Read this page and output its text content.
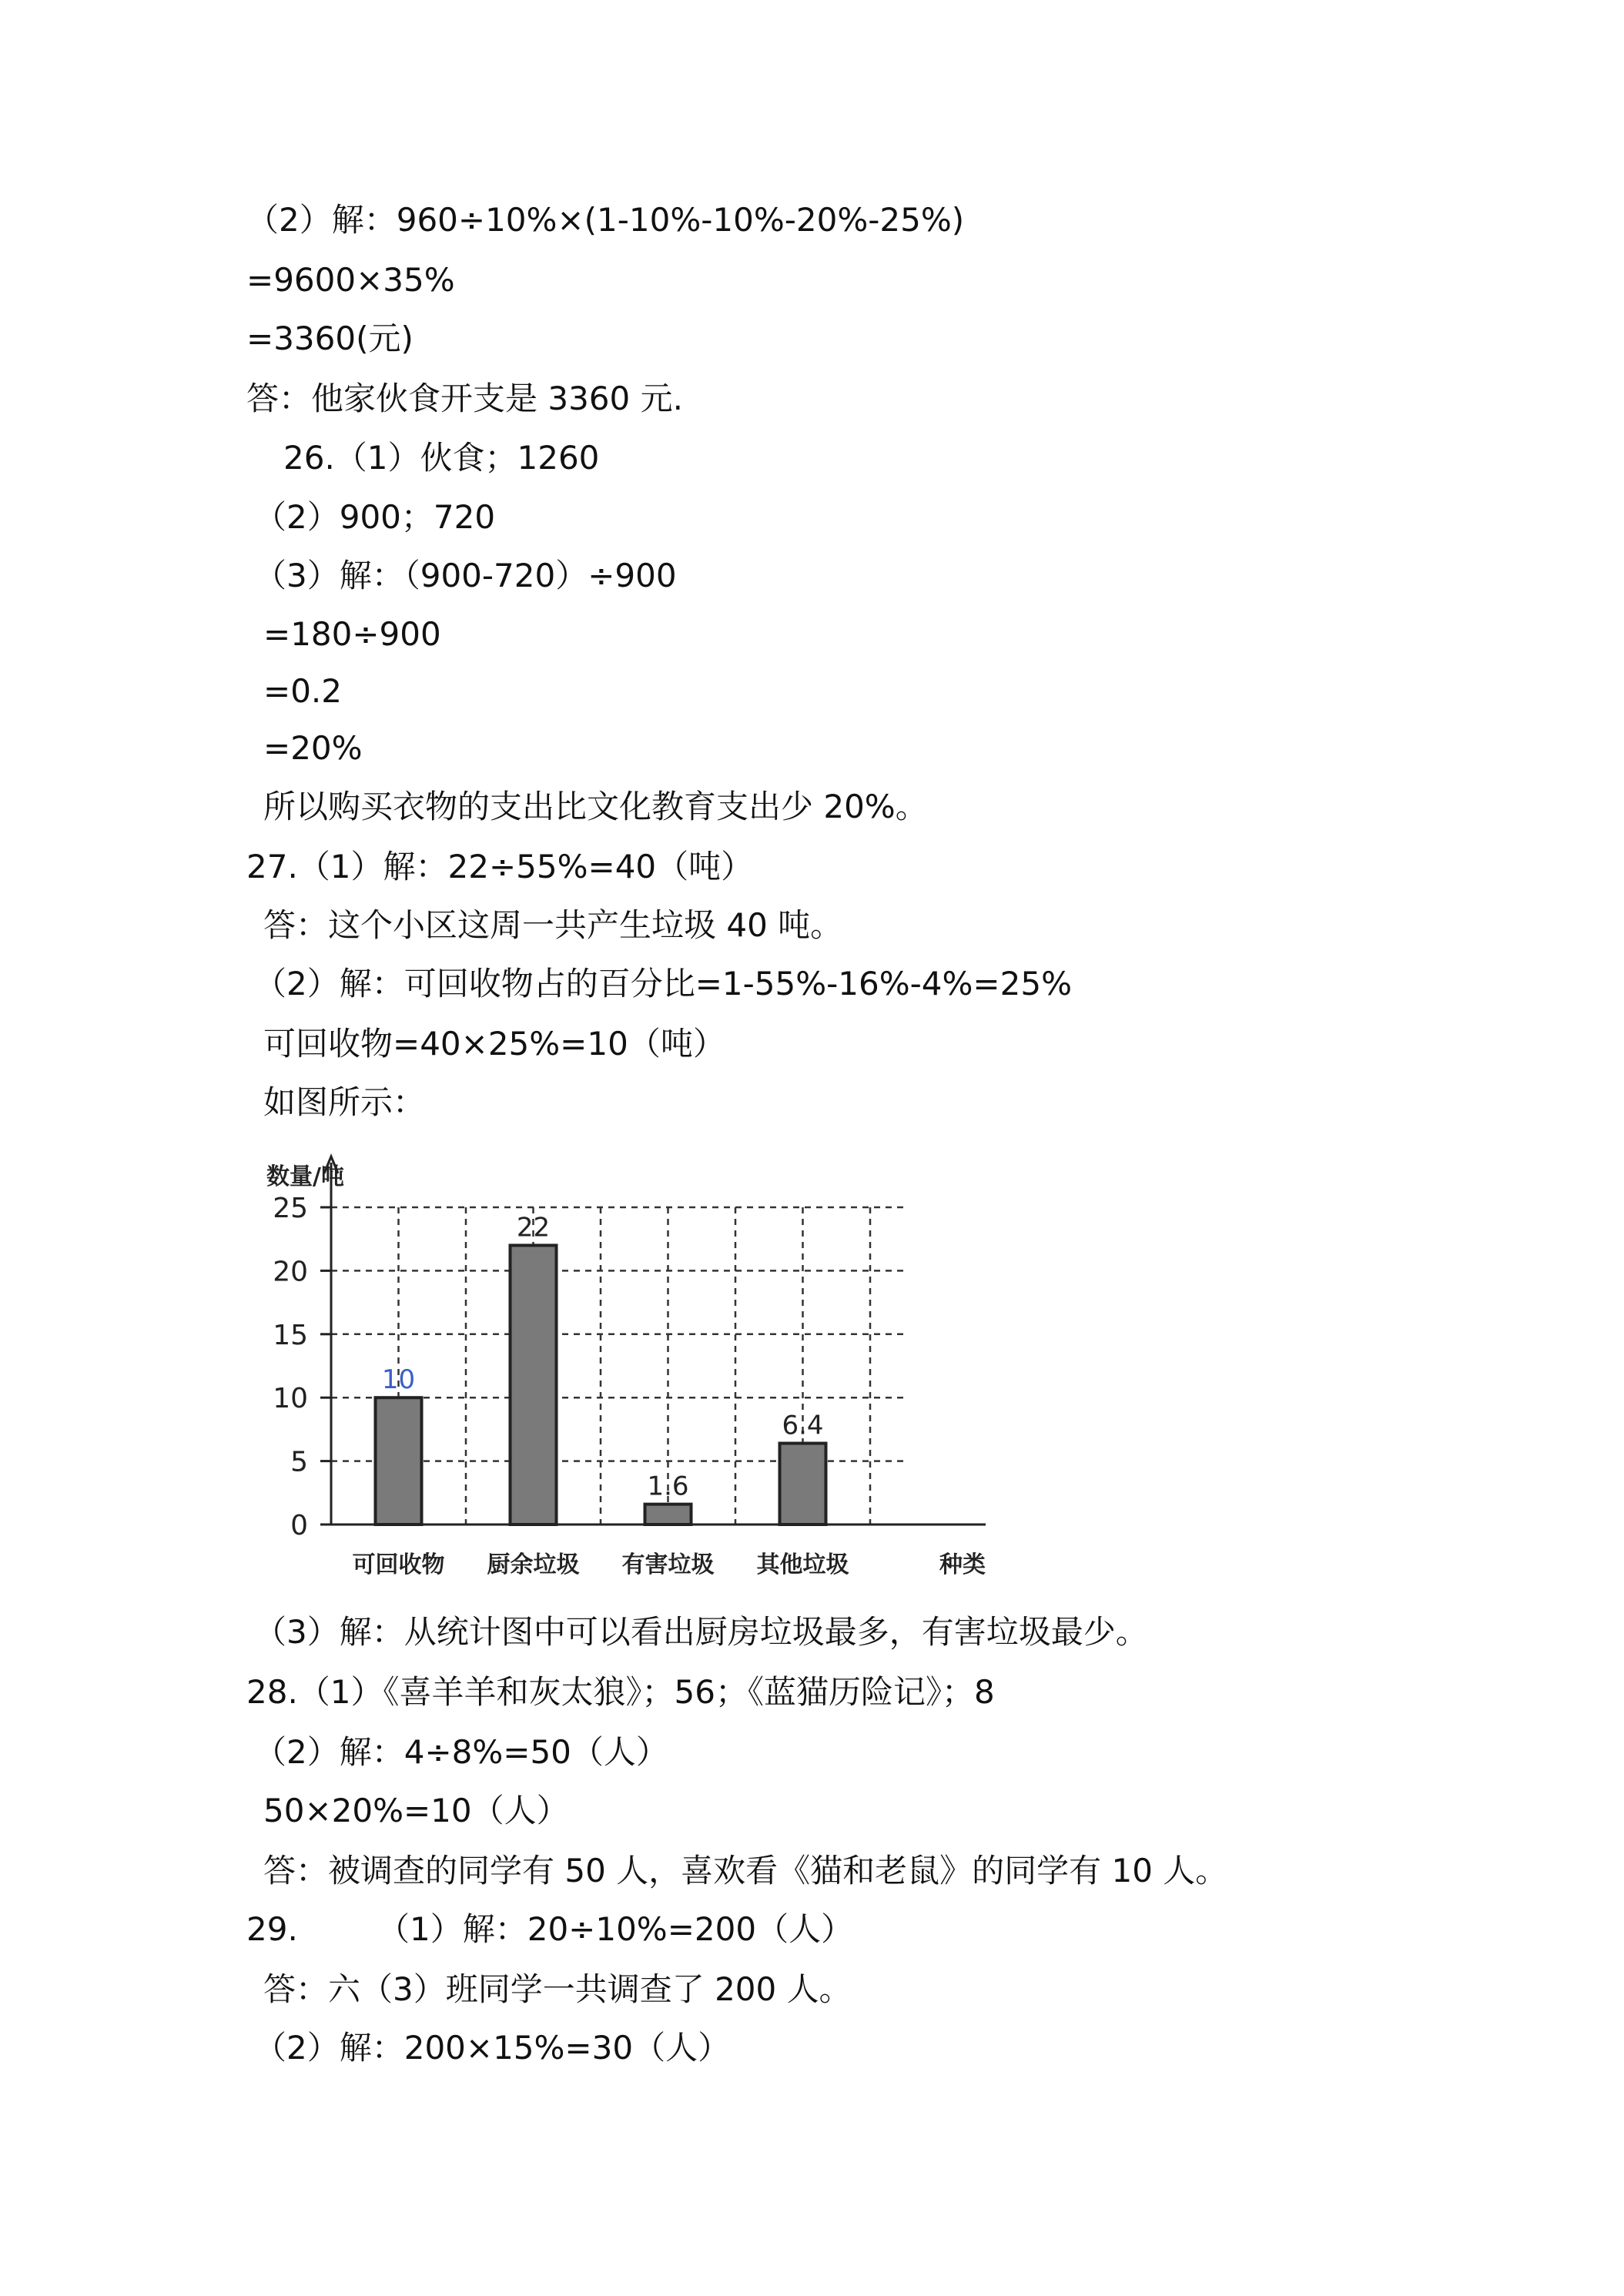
（2）解：960÷10%×(1-10%-10%-20%-25%)
=9600×35%
=3360(元)
答：他家伙食开支是 3360 元.
26.（1）伙食；1260
（2）900；720
（3）解：（900-720）÷900
=180÷900
=0.2
=20%
所以购买衣物的支出比文化教育支出少 20%。
27.（1）解：22÷55%=40（吨）
答：这个小区这周一共产生垃圾 40 吨。
（2）解：可回收物占的百分比=1-55%-16%-4%=25%
可回收物=40×25%=10（吨）
如图所示：
0
5
10
15
20
25
数量/吨
种类
10
可回收物
22
厨余垃圾
1.6
有害垃圾
6.4
其他垃圾
（3）解：从统计图中可以看出厨房垃圾最多，有害垃圾最少。
28.（1）《喜羊羊和灰太狼》；56；《蓝猫历险记》；8
（2）解：4÷8%=50（人）
50×20%=10（人）
答：被调查的同学有 50 人，喜欢看《猫和老鼠》的同学有 10 人。
29. （1）解：20÷10%=200（人）
答：六（3）班同学一共调查了 200 人。
（2）解：200×15%=30（人）
